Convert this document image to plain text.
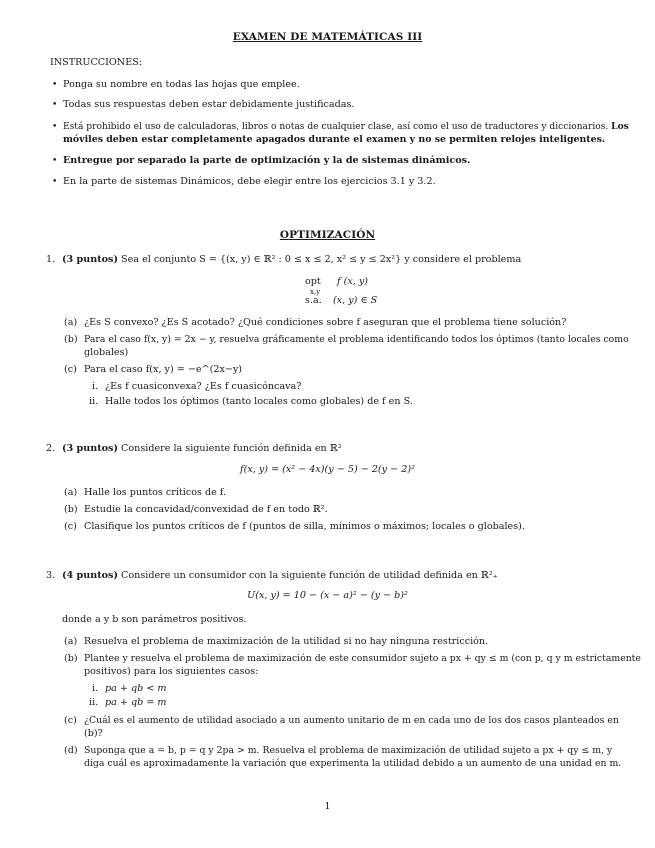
EXAMEN DE MATEMÁTICAS III
INSTRUCCIONES:
• Ponga su nombre en todas las hojas que emplee.
• Todas sus respuestas deben estar debidamente justificadas.
• Está prohibido el uso de calculadoras, libros o notas de cualquier clase, así como el uso de traductores y diccionarios. Los
móviles deben estar completamente apagados durante el examen y no se permiten relojes inteligentes.
• Entregue por separado la parte de optimización y la de sistemas dinámicos.
• En la parte de sistemas Dinámicos, debe elegir entre los ejercicios 3.1 y 3.2.
OPTIMIZACIÓN
1. (3 puntos) Sea el conjunto S = {(x, y) ∈ ℝ² : 0 ≤ x ≤ 2, x² ≤ y ≤ 2x²} y considere el problema
opt
x,y
f (x, y)
s.a. (x, y) ∈ S
(a) ¿Es S convexo? ¿Es S acotado? ¿Qué condiciones sobre f aseguran que el problema tiene solución?
(b) Para el caso f(x, y) = 2x − y, resuelva gráficamente el problema identificando todos los óptimos (tanto locales como
globales)
(c) Para el caso f(x, y) = −e^(2x−y)
i. ¿Es f cuasiconvexa? ¿Es f cuasicóncava?
ii. Halle todos los óptimos (tanto locales como globales) de f en S.
2. (3 puntos) Considere la siguiente función definida en ℝ²
f(x, y) = (x² − 4x)(y − 5) − 2(y − 2)²
(a) Halle los puntos críticos de f.
(b) Estudie la concavidad/convexidad de f en todo ℝ².
(c) Clasifique los puntos críticos de f (puntos de silla, mínimos o máximos; locales o globales).
3. (4 puntos) Considere un consumidor con la siguiente función de utilidad definida en ℝ²₊
U(x, y) = 10 − (x − a)² − (y − b)²
donde a y b son parámetros positivos.
(a) Resuelva el problema de maximización de la utilidad si no hay ninguna restricción.
(b) Plantee y resuelva el problema de maximización de este consumidor sujeto a px + qy ≤ m (con p, q y m estrictamente
positivos) para los siguientes casos:
i. pa + qb < m
ii. pa + qb = m
(c) ¿Cuál es el aumento de utilidad asociado a un aumento unitario de m en cada uno de los dos casos planteados en
(b)?
(d) Suponga que a = b, p = q y 2pa > m. Resuelva el problema de maximización de utilidad sujeto a px + qy ≤ m, y
diga cuál es aproximadamente la variación que experimenta la utilidad debido a un aumento de una unidad en m.
1
